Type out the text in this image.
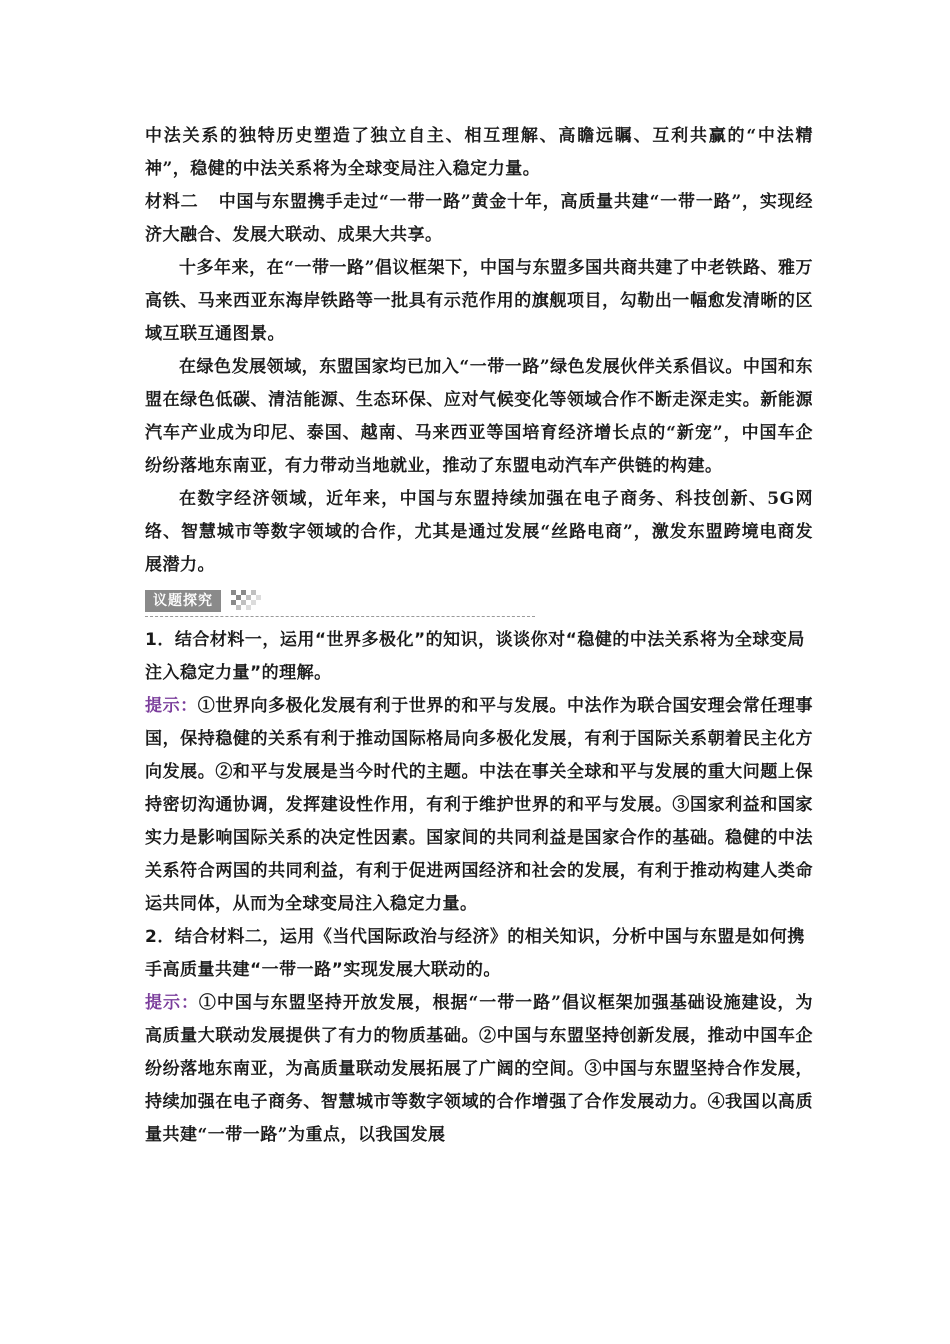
中法关系的独特历史塑造了独立自主、相互理解、高瞻远瞩、互利共赢的“中法精神”，稳健的中法关系将为全球变局注入稳定力量。

材料二 中国与东盟携手走过“一带一路”黄金十年，高质量共建“一带一路”，实现经济大融合、发展大联动、成果大共享。

十多年来，在“一带一路”倡议框架下，中国与东盟多国共商共建了中老铁路、雅万高铁、马来西亚东海岸铁路等一批具有示范作用的旗舰项目，勾勒出一幅愈发清晰的区域互联互通图景。

在绿色发展领域，东盟国家均已加入“一带一路”绿色发展伙伴关系倡议。中国和东盟在绿色低碳、清洁能源、生态环保、应对气候变化等领域合作不断走深走实。新能源汽车产业成为印尼、泰国、越南、马来西亚等国培育经济增长点的“新宠”，中国车企纷纷落地东南亚，有力带动当地就业，推动了东盟电动汽车产供链的构建。

在数字经济领域，近年来，中国与东盟持续加强在电子商务、科技创新、5G网络、智慧城市等数字领域的合作，尤其是通过发展“丝路电商”，激发东盟跨境电商发展潜力。

议题探究

1．结合材料一，运用“世界多极化”的知识，谈谈你对“稳健的中法关系将为全球变局注入稳定力量”的理解。

提示：①世界向多极化发展有利于世界的和平与发展。中法作为联合国安理会常任理事国，保持稳健的关系有利于推动国际格局向多极化发展，有利于国际关系朝着民主化方向发展。②和平与发展是当今时代的主题。中法在事关全球和平与发展的重大问题上保持密切沟通协调，发挥建设性作用，有利于维护世界的和平与发展。③国家利益和国家实力是影响国际关系的决定性因素。国家间的共同利益是国家合作的基础。稳健的中法关系符合两国的共同利益，有利于促进两国经济和社会的发展，有利于推动构建人类命运共同体，从而为全球变局注入稳定力量。

2．结合材料二，运用《当代国际政治与经济》的相关知识，分析中国与东盟是如何携手高质量共建“一带一路”实现发展大联动的。

提示：①中国与东盟坚持开放发展，根据“一带一路”倡议框架加强基础设施建设，为高质量大联动发展提供了有力的物质基础。②中国与东盟坚持创新发展，推动中国车企纷纷落地东南亚，为高质量联动发展拓展了广阔的空间。③中国与东盟坚持合作发展，持续加强在电子商务、智慧城市等数字领域的合作增强了合作发展动力。④我国以高质量共建“一带一路”为重点，以我国发展
